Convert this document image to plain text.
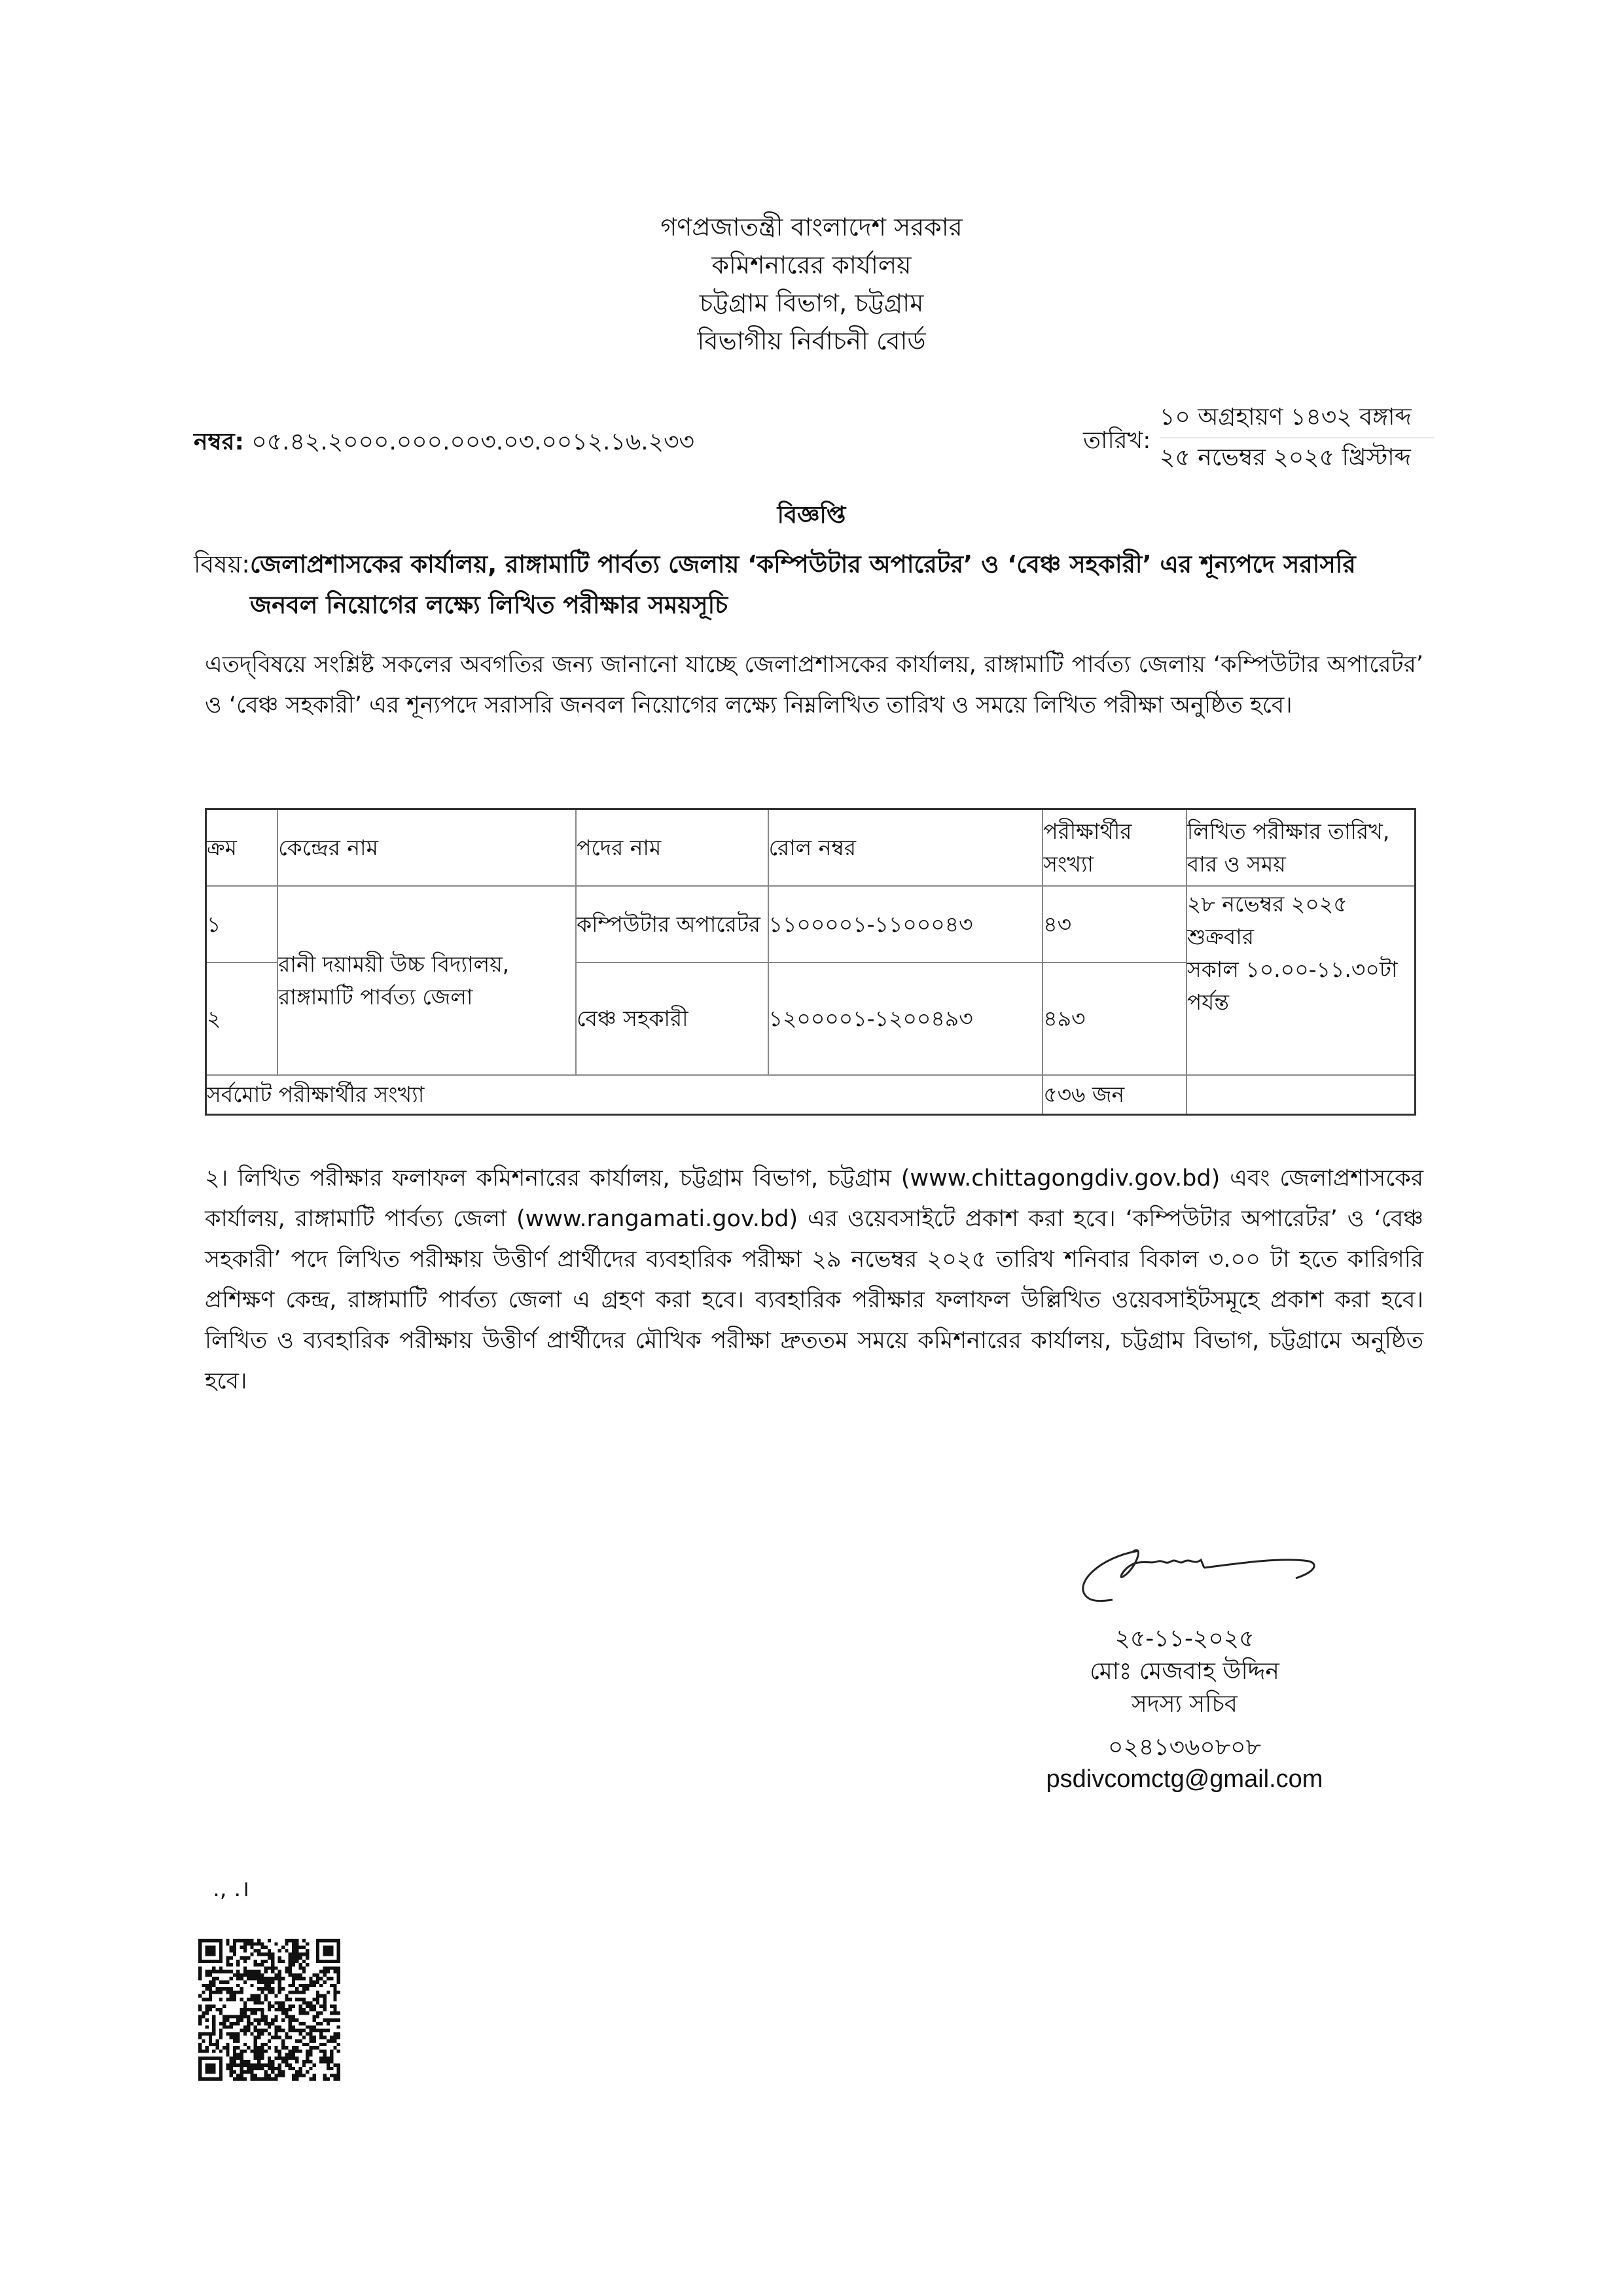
গণপ্রজাতন্ত্রী বাংলাদেশ সরকার
কমিশনারের কার্যালয়
চট্টগ্রাম বিভাগ, চট্টগ্রাম
বিভাগীয় নির্বাচনী বোর্ড
নম্বর: ০৫.৪২.২০০০.০০০.০০৩.০৩.০০১২.১৬.২৩৩	তারিখ:
১০ অগ্রহায়ণ ১৪৩২ বঙ্গাব্দ
২৫ নভেম্বর ২০২৫ খ্রিস্টাব্দ
বিজ্ঞপ্তি
বিষয়: জেলাপ্রশাসকের কার্যালয়, রাঙ্গামাটি পার্বত্য জেলায় ‘কম্পিউটার অপারেটর’ ও ‘বেঞ্চ সহকারী’ এর শূন্যপদে সরাসরি
জনবল নিয়োগের লক্ষ্যে লিখিত পরীক্ষার সময়সূচি
এতদ্‌বিষয়ে সংশ্লিষ্ট সকলের অবগতির জন্য জানানো যাচ্ছে জেলাপ্রশাসকের কার্যালয়, রাঙ্গামাটি পার্বত্য জেলায় ‘কম্পিউটার অপারেটর’ ও ‘বেঞ্চ সহকারী’ এর শূন্যপদে সরাসরি জনবল নিয়োগের লক্ষ্যে নিম্নলিখিত তারিখ ও সময়ে লিখিত পরীক্ষা অনুষ্ঠিত হবে।
ক্রম	কেন্দ্রের নাম	পদের নাম	রোল নম্বর	পরীক্ষার্থীর সংখ্যা	লিখিত পরীক্ষার তারিখ, বার ও সময়
১	রানী দয়াময়ী উচ্চ বিদ্যালয়, রাঙ্গামাটি পার্বত্য জেলা	কম্পিউটার অপারেটর	১১০০০০১-১১০০০৪৩	৪৩	২৮ নভেম্বর ২০২৫ শুক্রবার
সকাল ১০.০০-১১.৩০টা পর্যন্ত

২		বেঞ্চ সহকারী	১২০০০০১-১২০০৪৯৩	৪৯৩	
সর্বমোট পরীক্ষার্থীর সংখ্যা				৫৩৬ জন	
২। লিখিত পরীক্ষার ফলাফল কমিশনারের কার্যালয়, চট্টগ্রাম বিভাগ, চট্টগ্রাম (www.chittagongdiv.gov.bd) এবং জেলাপ্রশাসকের কার্যালয়, রাঙ্গামাটি পার্বত্য জেলা (www.rangamati.gov.bd) এর ওয়েবসাইটে প্রকাশ করা হবে। ‘কম্পিউটার অপারেটর’ ও ‘বেঞ্চ সহকারী’ পদে লিখিত পরীক্ষায় উত্তীর্ণ প্রার্থীদের ব্যবহারিক পরীক্ষা ২৯ নভেম্বর ২০২৫ তারিখ শনিবার বিকাল ৩.০০ টা হতে কারিগরি প্রশিক্ষণ কেন্দ্র, রাঙ্গামাটি পার্বত্য জেলা এ গ্রহণ করা হবে। ব্যবহারিক পরীক্ষার ফলাফল উল্লিখিত ওয়েবসাইটসমূহে প্রকাশ করা হবে। লিখিত ও ব্যবহারিক পরীক্ষায় উত্তীর্ণ প্রার্থীদের মৌখিক পরীক্ষা দ্রুততম সময়ে কমিশনারের কার্যালয়, চট্টগ্রাম বিভাগ, চট্টগ্রামে অনুষ্ঠিত হবে।
২৫-১১-২০২৫
মোঃ মেজবাহ উদ্দিন
সদস্য সচিব
০২৪১৩৬০৮০৮
psdivcomctg@gmail.com
., .।
